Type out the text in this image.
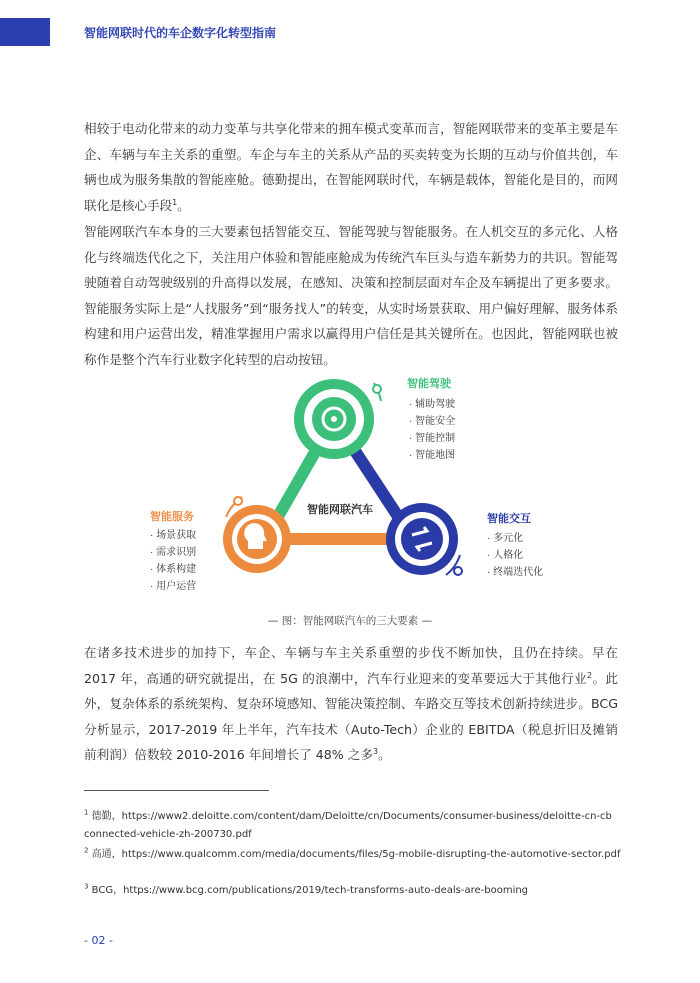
智能网联时代的车企数字化转型指南

相较于电动化带来的动力变革与共享化带来的拥车模式变革而言，智能网联带来的变革主要是车企、车辆与车主关系的重塑。车企与车主的关系从产品的买卖转变为长期的互动与价值共创，车辆也成为服务集散的智能座舱。德勤提出，在智能网联时代，车辆是载体，智能化是目的，而网联化是核心手段$^1$。

智能网联汽车本身的三大要素包括智能交互、智能驾驶与智能服务。在人机交互的多元化、人格化与终端迭代化之下，关注用户体验和智能座舱成为传统汽车巨头与造车新势力的共识。智能驾驶随着自动驾驶级别的升高得以发展，在感知、决策和控制层面对车企及车辆提出了更多要求。智能服务实际上是“人找服务”到“服务找人”的转变，从实时场景获取、用户偏好理解、服务体系构建和用户运营出发，精准掌握用户需求以赢得用户信任是其关键所在。也因此，智能网联也被称作是整个汽车行业数字化转型的启动按钮。

智能网联汽车
智能驾驶
· 辅助驾驶
· 智能安全
· 智能控制
· 智能地图
智能交互
· 多元化
· 人格化
· 终端迭代化
智能服务
· 场景获取
· 需求识别
· 体系构建
· 用户运营
— 图：智能网联汽车的三大要素 —

在诸多技术进步的加持下，车企、车辆与车主关系重塑的步伐不断加快，且仍在持续。早在2017 年，高通的研究就提出，在 5G 的浪潮中，汽车行业迎来的变革要远大于其他行业$^2$。此外，复杂体系的系统架构、复杂环境感知、智能决策控制、车路交互等技术创新持续进步。BCG 分析显示，2017-2019 年上半年，汽车技术（Auto-Tech）企业的 EBITDA（税息折旧及摊销前利润）倍数较 2010-2016 年间增长了 48% 之多$^3$。

$^1$ 德勤，https://www2.deloitte.com/content/dam/Deloitte/cn/Documents/consumer-business/deloitte-cn-cb connected-vehicle-zh-200730.pdf
$^2$ 高通，https://www.qualcomm.com/media/documents/files/5g-mobile-disrupting-the-automotive-sector.pdf
$^3$ BCG，https://www.bcg.com/publications/2019/tech-transforms-auto-deals-are-booming
- 02 -
